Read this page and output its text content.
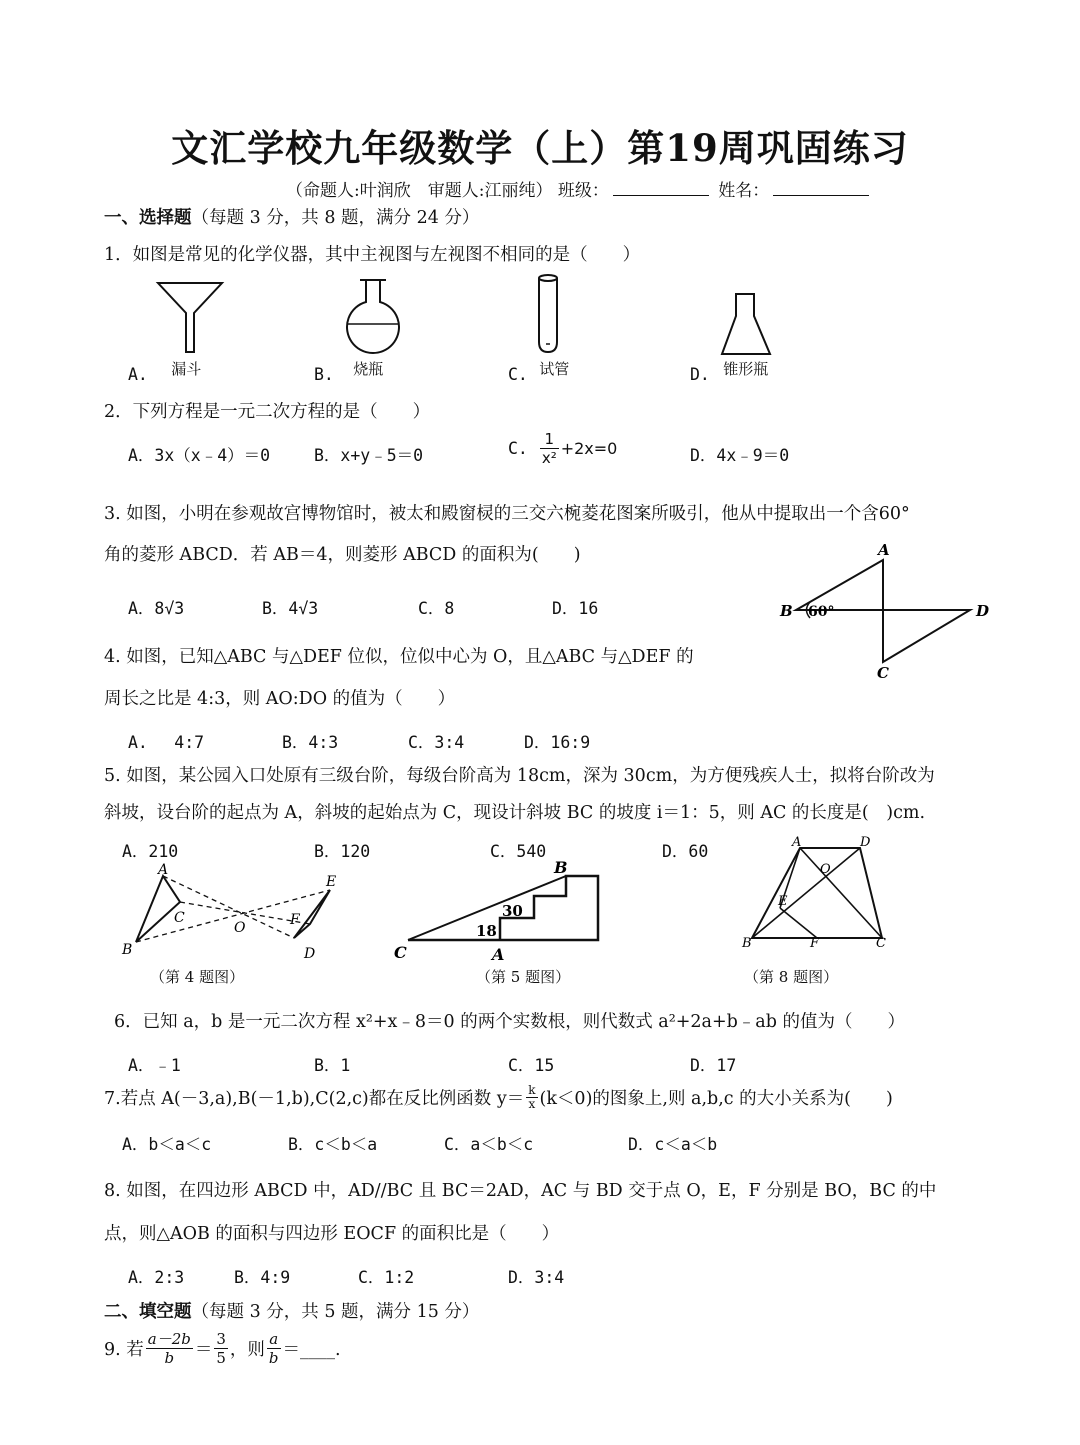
文汇学校九年级数学（上）第19周巩固练习
（命题人:叶润欣　审题人:江丽纯） 班级：	姓名：
一、选择题（每题 3 分，共 8 题，满分 24 分）
1．如图是常见的化学仪器，其中主视图与左视图不相同的是（　　）
A. 漏斗	B. 烧瓶	C. 试管	D. 锥形瓶
2．下列方程是一元二次方程的是（　　）
A．3x（x﹣4）＝0	B．x+y﹣5＝0	C. $\frac{1}{\text{x²}} +2x=0$	D．4x﹣9＝0
3. 如图，小明在参观故宫博物馆时，被太和殿窗棂的三交六椀菱花图案所吸引，他从中提取出一个含60°
角的菱形 ABCD．若 AB＝4，则菱形 ABCD 的面积为(　　)
A．8√3	B．4√3	C．8	D．16
A
B
C
D
60°
4. 如图，已知△ABC 与△DEF 位似，位似中心为 O，且△ABC 与△DEF 的
周长之比是 4:3，则 AO:DO 的值为（　　）
A.　 4:7	B．4:3	C．3:4	D．16:9
5. 如图，某公园入口处原有三级台阶，每级台阶高为 18cm，深为 30cm，为方便残疾人士，拟将台阶改为
斜坡，设台阶的起点为 A，斜坡的起始点为 C，现设计斜坡 BC 的坡度 i＝1：5，则 AC 的长度是(　)cm.
A．210	B．120	C．540	D．60
A
B
C
O
E
F
D
（第 4 题图）
B
C	A
30
18
（第 5 题图）
A	D
O
E
B	F	C
（第 8 题图）
6．已知 a，b 是一元二次方程 x²+x﹣8＝0 的两个实数根，则代数式 a²+2a+b﹣ab 的值为（　　）
A．﹣1	B．1	C．15	D．17
7.若点 A(－3,a),B(－1,b),C(2,c)都在反比例函数 $y= \frac{k}{x} (k<0)$的图象上,则 a,b,c 的大小关系为(　　)
A．b＜a＜c	B．c＜b＜a	C．a＜b＜c	D．c＜a＜b
8. 如图，在四边形 ABCD 中，AD//BC 且 BC＝2AD，AC 与 BD 交于点 O，E，F 分别是 BO，BC 的中
点，则△AOB 的面积与四边形 EOCF 的面积比是（　　）
A．2:3	B．4:9	C．1:2	D．3:4
二、填空题（每题 3 分，共 5 题，满分 15 分）
9. 若 $\frac{a-2b}{b} = \frac{3}{5}$ ，则 $\frac{a}{b}$ ＝____.
